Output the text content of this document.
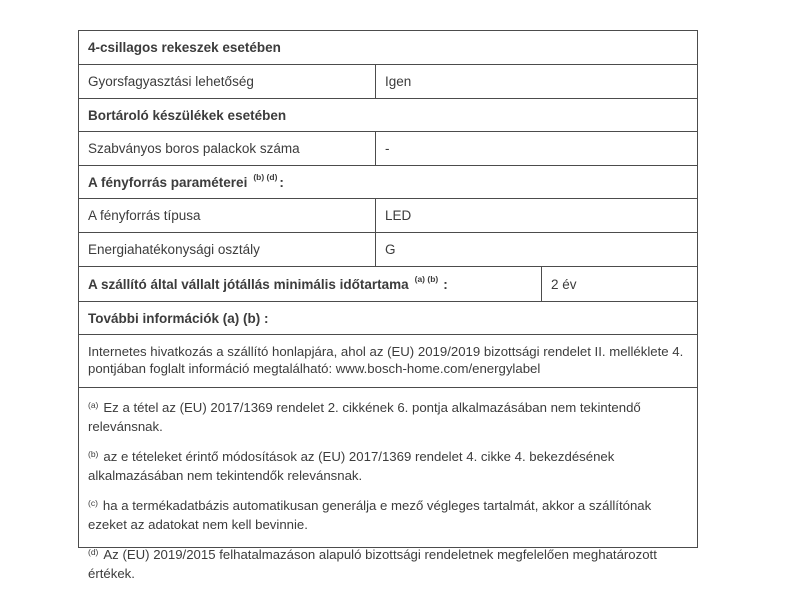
4-csillagos rekeszek esetében
Gyorsfagyasztási lehetőség	Igen
Bortároló készülékek esetében
Szabványos boros palackok száma	-
A fényforrás paraméterei (b) (d) :
A fényforrás típusa	LED
Energiahatékonysági osztály	G
A szállító által vállalt jótállás minimális időtartama (a) (b) :	2 év
További információk (a) (b) :
Internetes hivatkozás a szállító honlapjára, ahol az (EU) 2019/2019 bizottsági rendelet II. melléklete 4. pontjában foglalt információ megtalálható: www.bosch-home.com/energylabel
$^{(a)}$ Ez a tétel az (EU) 2017/1369 rendelet 2. cikkének 6. pontja alkalmazásában nem tekintendő relevánsnak.
$^{(b)}$ az e tételeket érintő módosítások az (EU) 2017/1369 rendelet 4. cikke 4. bekezdésének alkalmazásában nem tekintendők relevánsnak.
$^{(c)}$ ha a termékadatbázis automatikusan generálja e mező végleges tartalmát, akkor a szállítónak ezeket az adatokat nem kell bevinnie.
$^{(d)}$ Az (EU) 2019/2015 felhatalmazáson alapuló bizottsági rendeletnek megfelelően meghatározott értékek.
